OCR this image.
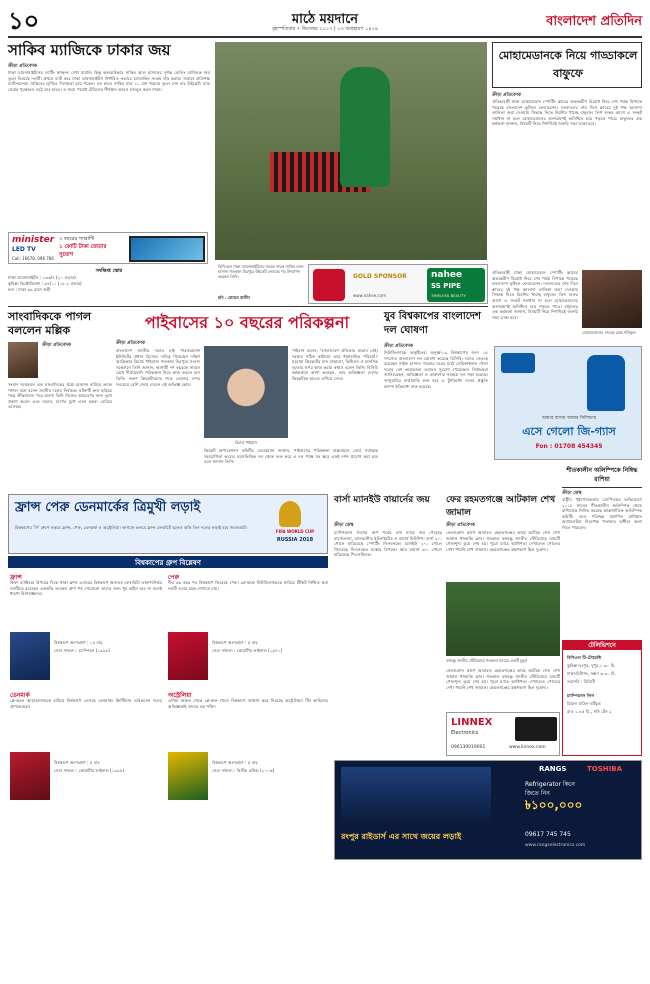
১০	মাঠে ময়দানে
বৃহস্পতিবার ৭ ডিসেম্বর ২০১৭ | ২৩ অগ্রহায়ণ ১৪২৪	বাংলাদেশ প্রতিদিন
সাকিব ম্যাজিকে ঢাকার জয়
ক্রীড়া প্রতিবেদক
ঢাকা ডায়নামাইটসের ব্যাটিং স্বাচ্ছন্দ্য দেখা যায়নি। কিন্তু অলরাউন্ডার সাকিব আল হাসানের দুর্দান্ত বোলিং ম্যাজিকে জয় তুলে নিয়েছে দলটি। প্রথমে ব্যাট করে ঢাকা ডায়নামাইটস নির্ধারিত ওভারে চ্যালেঞ্জিং সংগ্রহ দাঁড় করায়। জবাবে প্রতিপক্ষ ব্যাটসম্যানরা সাকিবের ঘূর্ণিতে দিশেহারা হয়ে পড়েন। বল হাতে সাকিব মাত্র ১১ রান খরচায় তুলে নেন চার উইকেট। ম্যাচ সেরার পুরস্কারও ওঠে তার হাতে। এ জয়ে পয়েন্ট টেবিলের শীর্ষস্থান আরও মজবুত করল ঢাকা।
minister
LED TV
৩ বছরের গ্যারান্টি
১ কোটি টাকা জেতার সুযোগ
Call: 16678, 096 786
সংক্ষিপ্ত স্কোর
ঢাকা ডায়নামাইটস : ১৩৩/৭ (২০ ওভার)
কুমিল্লা ভিক্টোরিয়ান্স : ৯৪/১০ (১৮.২ ওভার)
ফল : ঢাকা ৩৯ রানে জয়ী
বিপিএলে ঢাকা ডায়নামাইটসের জয়ের নায়ক সাকিব আল হাসান। গতকাল মিরপুরে উইকেট নেওয়ার পর উদযাপন করছেন তিনি।
ছবি : রোহেত রাজীব
GOLD SPONSOR
www.nahee.com
nahee
SS PIPE
TIMELESS BEAUTY
মোহামেডানকে নিয়ে গাড্ডাকলে বাফুফে
ক্রীড়া প্রতিবেদক
ঐতিহ্যবাহী ঢাকা মোহামেডান স্পোর্টিং ক্লাবের অভ্যন্তরীণ বিরোধ নিয়ে শেষ পর্যন্ত বিপাকে পড়েছে বাংলাদেশ ফুটবল ফেডারেশন। দলবদলের শেষ দিনে ক্লাবের দুই পক্ষ আলাদা তালিকা জমা দেওয়ায় সিদ্ধান্ত নিতে হিমশিম খাচ্ছে বাফুফে। লিগ শুরুর আগে এ সংকট সমাধান না হলে মোহামেডানের অংশগ্রহণই অনিশ্চিত হয়ে পড়তে পারে। বাফুফের এক কর্মকর্তা জানান, বিষয়টি নিয়ে শিগগিরই জরুরি সভা ডাকা হবে।
ঐতিহ্যবাহী ঢাকা মোহামেডান স্পোর্টিং ক্লাবের অভ্যন্তরীণ বিরোধ নিয়ে শেষ পর্যন্ত বিপাকে পড়েছে বাংলাদেশ ফুটবল ফেডারেশন। দলবদলের শেষ দিনে ক্লাবের দুই পক্ষ আলাদা তালিকা জমা দেওয়ায় সিদ্ধান্ত নিতে হিমশিম খাচ্ছে বাফুফে। লিগ শুরুর আগে এ সংকট সমাধান না হলে মোহামেডানের অংশগ্রহণই অনিশ্চিত হয়ে পড়তে পারে। বাফুফের এক কর্মকর্তা জানান, বিষয়টি নিয়ে শিগগিরই জরুরি সভা ডাকা হবে।
মোহামেডানের সাবেক কোচ শফিকুল
সাংবাদিককে পাগল বললেন মল্লিক
ক্রীড়া প্রতিবেদক
সংবাদ সম্মেলনে এক সাংবাদিকের প্রশ্নে মেজাজ হারিয়ে তাকে পাগল বলে বসেন জাতীয় দলের নির্বাচক। ঘটনাটি দ্রুত ছড়িয়ে পড়ে ক্রীড়াঙ্গনে। পরে অবশ্য তিনি নিজের আচরণের জন্য দুঃখ প্রকাশ করেন এবং বলেন, চাপের মুখে এমন মন্তব্য বেরিয়ে এসেছে।
পাইবাসের ১০ বছরের পরিকল্পনা
ক্রীড়া প্রতিবেদক
বাংলাদেশ জাতীয় দলের হাই পারফরম্যান্স ইউনিটের প্রধান হিসেবে দায়িত্ব নিয়েছেন দক্ষিণ আফ্রিকার রিচার্ড পাইবাস। গতকাল মিরপুরে সংবাদ সম্মেলনে তিনি জানান, আগামী দশ বছরকে সামনে রেখে দীর্ঘমেয়াদি পরিকল্পনা নিয়ে কাজ করতে চান তিনি। তরুণ ক্রিকেটারদের গড়ে তোলার ওপর সবচেয়ে বেশি জোর দেবেন এই অভিজ্ঞ কোচ।
রিচার্ড পাইবাস
পাইবাস বলেন, 'বাংলাদেশে প্রতিভার অভাব নেই। দরকার সঠিক কাঠামো আর ধারাবাহিক পরিচর্যা।' ঘরোয়া ক্রিকেটের মান বাড়ানো, ফিটনেস ও মানসিক দৃঢ়তার ওপর কাজ করার কথাও বলেন তিনি। বিসিবি কর্মকর্তারা আশা করছেন, তার অভিজ্ঞতা দেশের ক্রিকেটকে আরও এগিয়ে নেবে।
ক্রিকেট অপারেশনস কমিটির চেয়ারম্যান জানান, পাইবাসের পরিকল্পনা বাস্তবায়নে বোর্ড সর্বাত্মক সহযোগিতা করবে। বয়সভিত্তিক দল থেকে শুরু করে এ দল পর্যন্ত সব স্তরে একই দর্শন প্রয়োগ করা হবে বলে জানান তিনি।
যুব বিশ্বকাপের বাংলাদেশ দল ঘোষণা
ক্রীড়া প্রতিবেদক
নিউজিল্যান্ডে অনুষ্ঠিতব্য অনূর্ধ্ব-১৯ বিশ্বকাপের জন্য ১৫ সদস্যের বাংলাদেশ দল ঘোষণা করেছে বিসিবি। দলের নেতৃত্বে রয়েছেন সাইফ হাসান। গতবার ঘরের মাঠে সেমিফাইনাল খেলা দলের বেশ কয়েকজন এবারও সুযোগ পেয়েছেন। নির্বাচকরা জানিয়েছেন, অভিজ্ঞতা ও তারুণ্যের সমন্বয়ে দল গড়া হয়েছে। জানুয়ারির মাঝামাঝি শুরু হবে এ টুর্নামেন্ট। দলের প্রস্তুতি ক্যাম্প ইতিমধ্যে শুরু হয়েছে।
আমার বাসায় আমার সিলিন্ডার
এসে গেলো জি-গ্যাস
Fon : 01708 454345
শীতকালীন অলিম্পিকে নিষিদ্ধ রাশিয়া
ক্রীড়া ডেস্ক
রাষ্ট্রীয় পৃষ্ঠপোষকতায় ডোপিংয়ের অভিযোগে ২০১৮ সালের শীতকালীন অলিম্পিক থেকে রাশিয়াকে নিষিদ্ধ করেছে আন্তর্জাতিক অলিম্পিক কমিটি। তবে পরিচ্ছন্ন প্রমাণিত রাশিয়ান অ্যাথলেটরা নিরপেক্ষ পতাকার অধীনে অংশ নিতে পারবেন।
টেলিভিশনে
বিপিএল টি-টোয়েন্টি
কুমিল্লা-রংপুর, দুপুর ১.৩০ মি.
ঢাকা-চিটাগং, সন্ধ্যা ৬.৩০ মি.
সরাসরি : বিডিটি
চ্যাম্পিয়নস লিগ
রিয়াল মাদ্রিদ-ডর্টমুন্ড
রাত ১.৪৫ মি., সনি টেন ২
ফ্রান্স পেরু ডেনমার্কের ত্রিমুখী লড়াই
বিশ্বকাপের 'সি' গ্রুপে লড়বে ফ্রান্স, পেরু, ডেনমার্ক ও অস্ট্রেলিয়া। কাগজে কলমে ফ্রান্স ফেবারিট হলেও বাকি তিন দলের লড়াই হবে জমজমাট।
FIFA WORLD CUP
RUSSIA 2018
বিশ্বকাপের গ্রুপ বিশ্লেষণ
ফ্রান্স
ফিফা র‍্যাঙ্কিংয়ে উপরের দিকে থাকা ফ্রান্স এবারের বিশ্বকাপে অন্যতম ফেবারিট। তারুণ্যনির্ভর দলটিতে রয়েছেন একঝাঁক তারকা। গ্রুপ পর্ব পেরোনো তাদের জন্য খুব কঠিন হবে না বলেই ধারণা বিশেষজ্ঞদের।
বিশ্বকাপে অংশগ্রহণ : ১৪ বার
সেরা সাফল্য : চ্যাম্পিয়ন (১৯৯৮)
পেরু
দীর্ঘ ৩৬ বছর পর বিশ্বকাপে ফিরেছে পেরু। প্লে-অফে নিউজিল্যান্ডকে হারিয়ে টিকিট নিশ্চিত করা দলটি এবার চমক দেখাতে চায়।
বিশ্বকাপে অংশগ্রহণ : ৫ বার
সেরা সাফল্য : কোয়ার্টার ফাইনাল (১৯৭০)
ডেনমার্ক
প্লে-অফে আয়ারল্যান্ডকে হারিয়ে বিশ্বকাপে এসেছে ডেনমার্ক। ক্রিস্টিয়ান এরিকসেন দলের প্রাণভোমরা।
বিশ্বকাপে অংশগ্রহণ : ৫ বার
সেরা সাফল্য : কোয়ার্টার ফাইনাল (১৯৯৮)
অস্ট্রেলিয়া
এশিয়া অঞ্চল থেকে প্লে-অফ খেলে বিশ্বকাপে জায়গা করে নিয়েছে অস্ট্রেলিয়া। টিম কাহিলের অভিজ্ঞতাই তাদের বড় শক্তি।
বিশ্বকাপে অংশগ্রহণ : ৫ বার
সেরা সাফল্য : দ্বিতীয় রাউন্ড (২০০৬)
বার্সা ম্যানইউ বায়ার্নের জয়
ক্রীড়া ডেস্ক
চ্যাম্পিয়নস লিগের গ্রুপ পর্বের শেষ ম্যাচে জয় পেয়েছে বার্সেলোনা, ম্যানচেস্টার ইউনাইটেড ও বায়ার্ন মিউনিখ। বার্সা ২-০ গোলে হারিয়েছে স্পোর্টিং লিসবনকে। ম্যানইউ ২-১ গোলে জিতেছে সিএসকেএ মস্কোর বিপক্ষে। আর বায়ার্ন ৩-১ গোলে হারিয়েছে পিএসজিকে।
ফের রহমতগঞ্জে আটকাল শেখ জামাল
ক্রীড়া প্রতিবেদক
ফেডারেশন কাপে আবারও রহমতগঞ্জের কাছে আটকে গেল শেখ জামাল ধানমন্ডি ক্লাব। গতকাল বঙ্গবন্ধু জাতীয় স্টেডিয়ামে ম্যাচটি গোলশূন্য ড্রয়ে শেষ হয়। পুরো ম্যাচে আধিপত্য দেখালেও গোলের দেখা পায়নি শেখ জামাল। রহমতগঞ্জের রক্ষণভাগ ছিল দুর্ভেদ্য।
বঙ্গবন্ধু জাতীয় স্টেডিয়ামে গতকাল ম্যাচের একটি মুহূর্ত
ফেডারেশন কাপে আবারও রহমতগঞ্জের কাছে আটকে গেল শেখ জামাল ধানমন্ডি ক্লাব। গতকাল বঙ্গবন্ধু জাতীয় স্টেডিয়ামে ম্যাচটি গোলশূন্য ড্রয়ে শেষ হয়। পুরো ম্যাচে আধিপত্য দেখালেও গোলের দেখা পায়নি শেখ জামাল। রহমতগঞ্জের রক্ষণভাগ ছিল দুর্ভেদ্য।
LINNEX
Electronics
096130019001	www.linnex.com
RANGS	TOSHIBA
Refrigerator কিনে
জিতে নিন
৳১০০,০০০
রংপুর রাইডার্স এর সাথে জয়ের লড়াই	09617 745 745
www.rangselectronics.com
